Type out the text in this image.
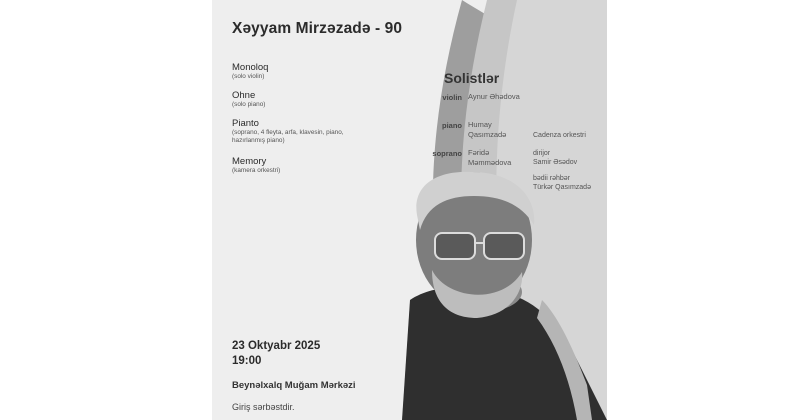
Xəyyam Mirzəzadə - 90
Monoloq
(solo violin)
Ohne
(solo piano)
Pianto
(soprano, 4 fleyta, arfa, klavesin, piano, hazırlanmış piano)
Memory
(kamera orkestri)
Solistlər
violin Aynur Əhədova
piano Humay Qasımzadə
soprano Fəridə Məmmədova
Cadenza orkestri
dirijor
Samir Əsədov
bədii rəhbər
Türkər Qasımzadə
23 Oktyabr 2025
19:00
Beynəlxalq Muğam Mərkəzi
Giriş sərbəstdir.
